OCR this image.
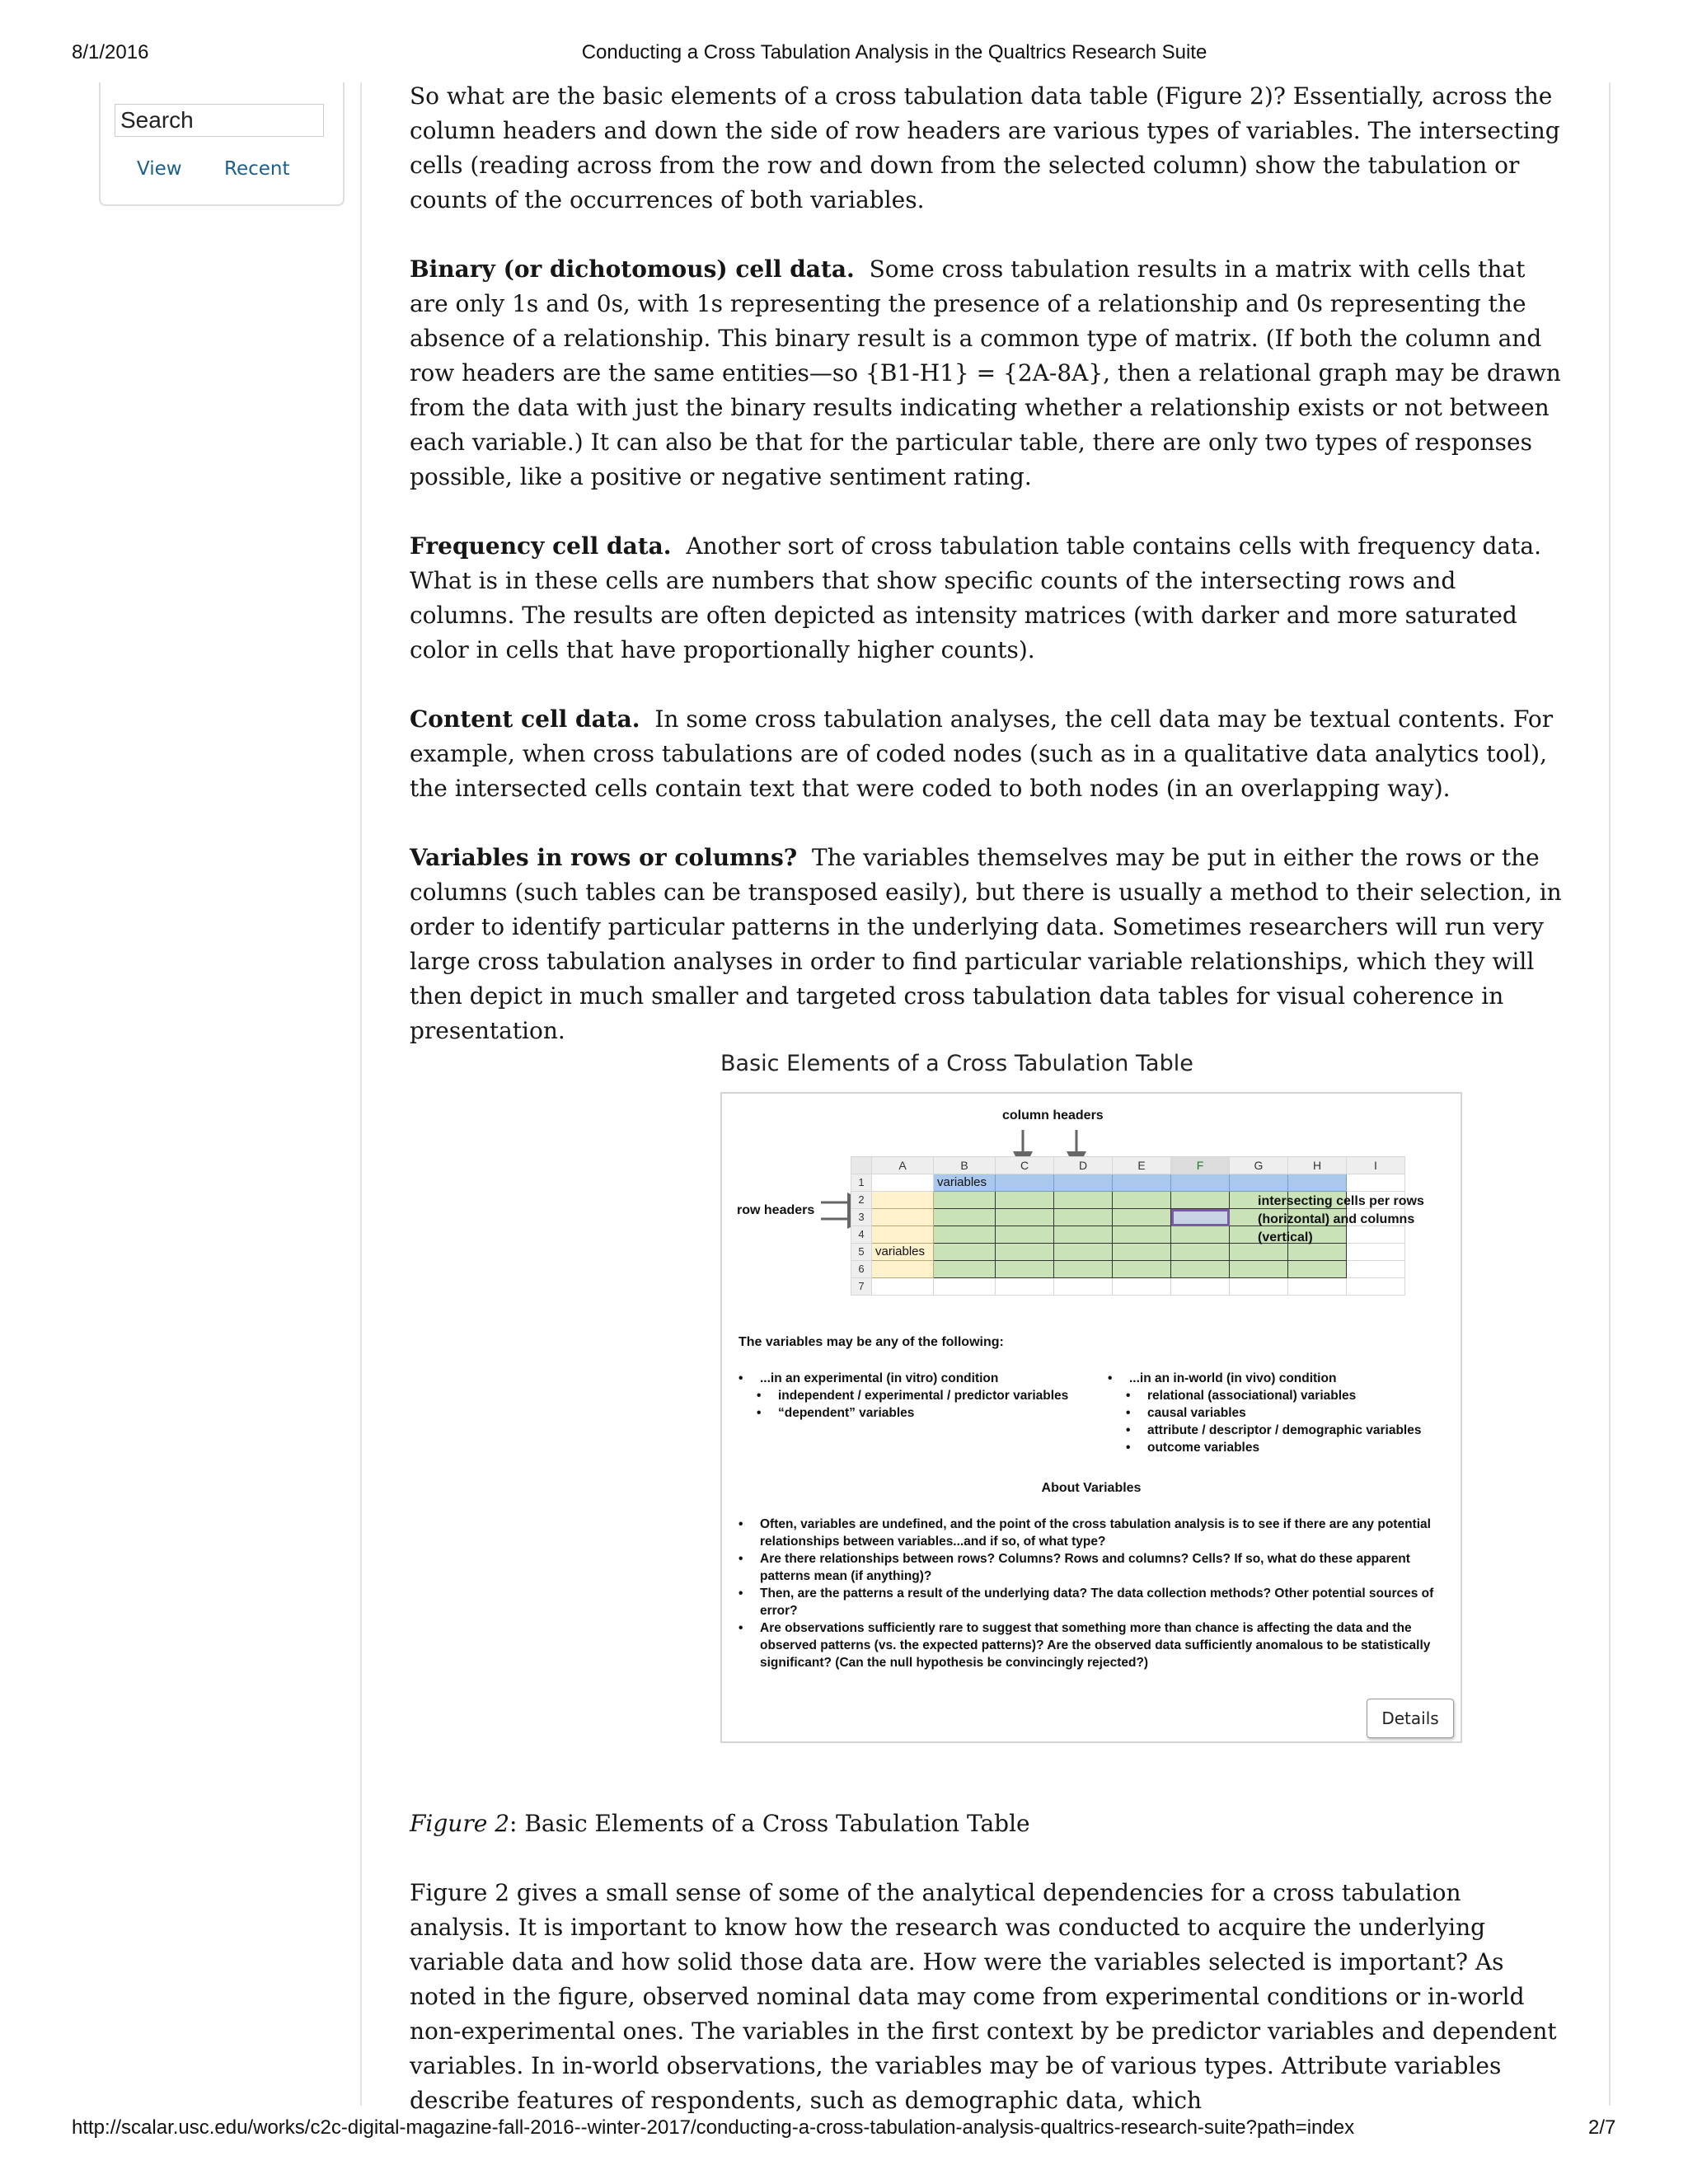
8/1/2016	Conducting a Cross Tabulation Analysis in the Qualtrics Research Suite
http://scalar.usc.edu/works/c2c-digital-magazine-fall-2016--winter-2017/conducting-a-cross-tabulation-analysis-qualtrics-research-suite?path=index	2/7
Search
View Recent

So what are the basic elements of a cross tabulation data table (Figure 2)? Essentially, across the column headers and down the side of row headers are various types of variables. The intersecting cells (reading across from the row and down from the selected column) show the tabulation or counts of the occurrences of both variables.

Binary (or dichotomous) cell data. Some cross tabulation results in a matrix with cells that are only 1s and 0s, with 1s representing the presence of a relationship and 0s representing the absence of a relationship. This binary result is a common type of matrix. (If both the column and row headers are the same entities—so {B1-H1} = {2A-8A}, then a relational graph may be drawn from the data with just the binary results indicating whether a relationship exists or not between each variable.) It can also be that for the particular table, there are only two types of responses possible, like a positive or negative sentiment rating.

Frequency cell data. Another sort of cross tabulation table contains cells with frequency data. What is in these cells are numbers that show specific counts of the intersecting rows and columns. The results are often depicted as intensity matrices (with darker and more saturated color in cells that have proportionally higher counts).

Content cell data. In some cross tabulation analyses, the cell data may be textual contents. For example, when cross tabulations are of coded nodes (such as in a qualitative data analytics tool), the intersected cells contain text that were coded to both nodes (in an overlapping way).

Variables in rows or columns? The variables themselves may be put in either the rows or the columns (such tables can be transposed easily), but there is usually a method to their selection, in order to identify particular patterns in the underlying data. Sometimes researchers will run very large cross tabulation analyses in order to find particular variable relationships, which they will then depict in much smaller and targeted cross tabulation data tables for visual coherence in presentation.

Figure 2: Basic Elements of a Cross Tabulation Table

Figure 2 gives a small sense of some of the analytical dependencies for a cross tabulation analysis. It is important to know how the research was conducted to acquire the underlying variable data and how solid those data are. How were the variables selected is important? As noted in the figure, observed nominal data may come from experimental conditions or in-world non-experimental ones. The variables in the first context by be predictor variables and dependent variables. In in-world observations, the variables may be of various types. Attribute variables describe features of respondents, such as demographic data, which

Basic Elements of a Cross Tabulation Table
column headers
row headers
	A	B	C	D	E	F	G	H	I
1		variables							
2									
3									
4									
5	variables								
6									
7									
intersecting cells per rows (horizontal) and columns (vertical)
The variables may be any of the following:
• ...in an experimental (in vitro) condition
• independent / experimental / predictor variables
• “dependent” variables
• ...in an in-world (in vivo) condition
• relational (associational) variables
• causal variables
• attribute / descriptor / demographic variables
• outcome variables
About Variables
• Often, variables are undefined, and the point of the cross tabulation analysis is to see if there are any potential relationships between variables...and if so, of what type?
• Are there relationships between rows? Columns? Rows and columns? Cells? If so, what do these apparent patterns mean (if anything)?
• Then, are the patterns a result of the underlying data? The data collection methods? Other potential sources of error?
• Are observations sufficiently rare to suggest that something more than chance is affecting the data and the observed patterns (vs. the expected patterns)? Are the observed data sufficiently anomalous to be statistically significant? (Can the null hypothesis be convincingly rejected?)
Details
